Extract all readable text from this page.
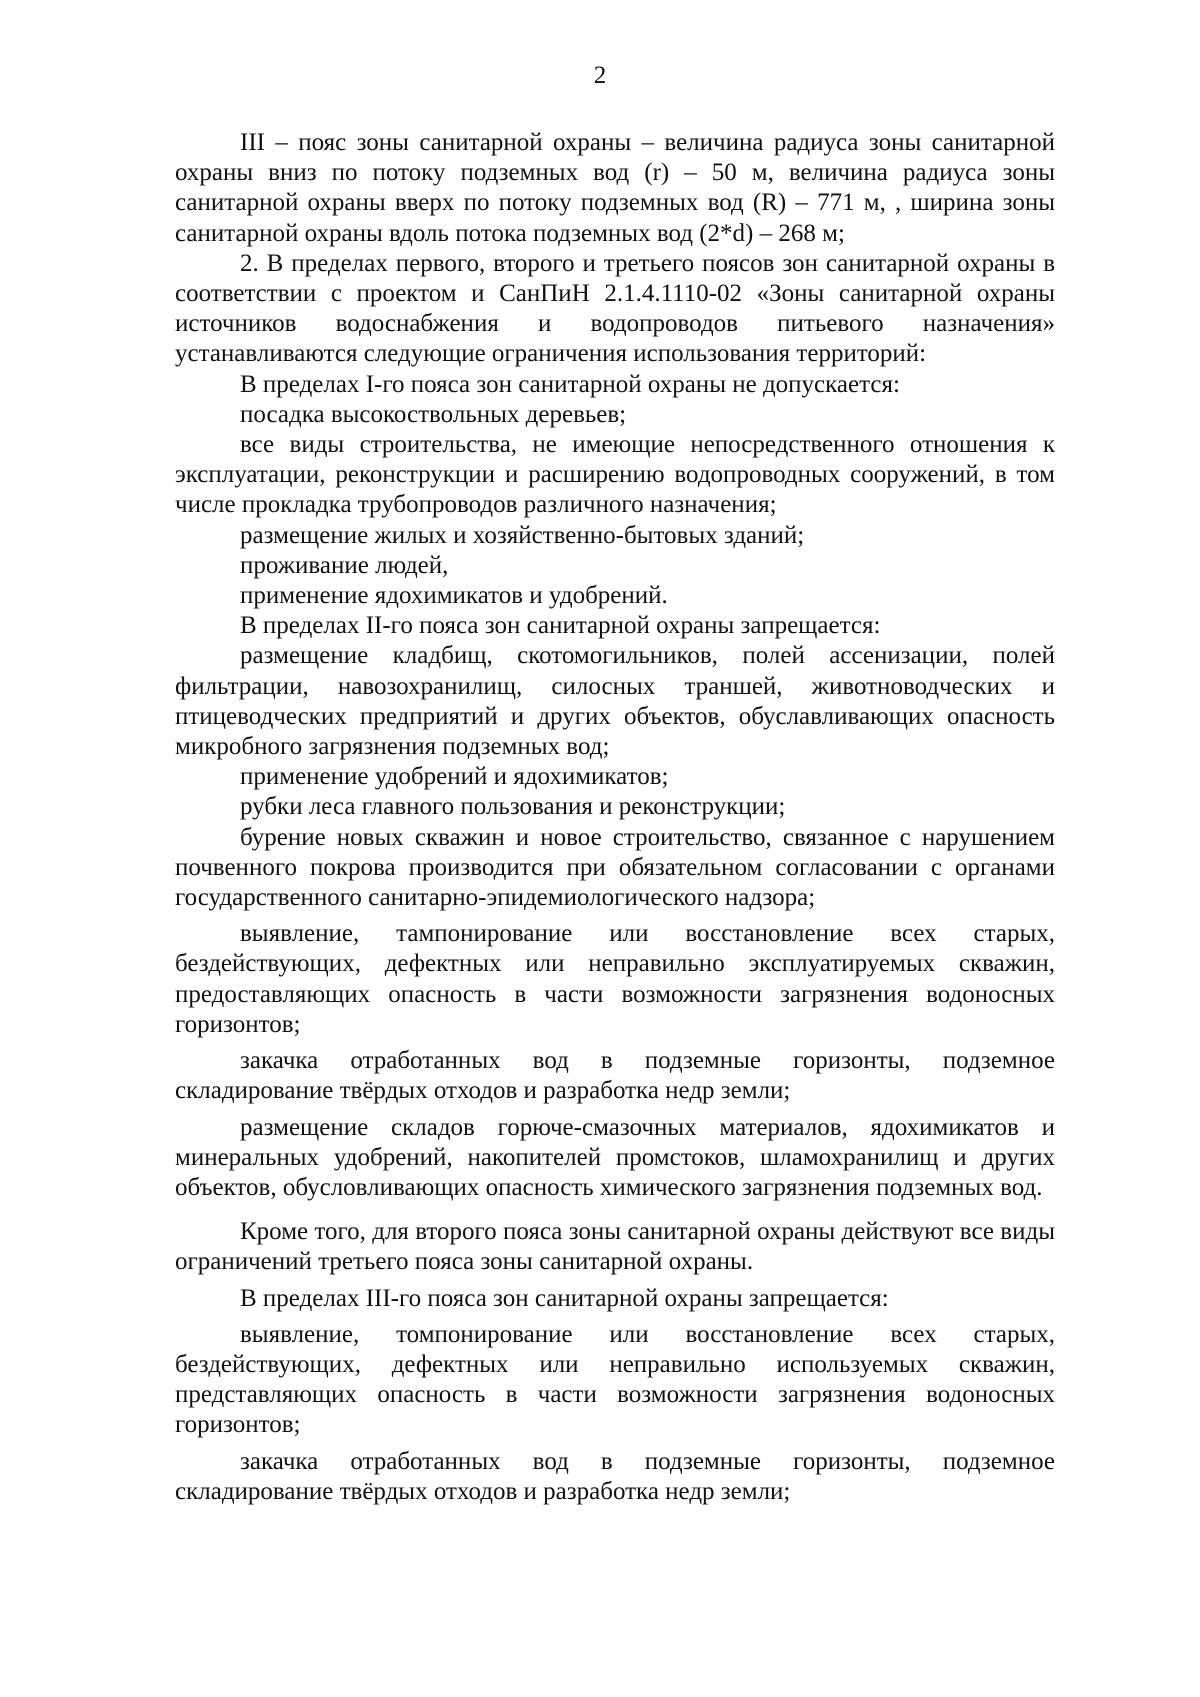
2

III – пояс зоны санитарной охраны – величина радиуса зоны санитарной охраны вниз по потоку подземных вод (r) – 50 м, величина радиуса зоны санитарной охраны вверх по потоку подземных вод (R) – 771 м, , ширина зоны санитарной охраны вдоль потока подземных вод (2*d) – 268 м;

2. В пределах первого, второго и третьего поясов зон санитарной охраны в соответствии с проектом и СанПиН 2.1.4.1110-02 «Зоны санитарной охраны источников водоснабжения и водопроводов питьевого назначения» устанавливаются следующие ограничения использования территорий:

В пределах I-го пояса зон санитарной охраны не допускается:

посадка высокоствольных деревьев;

все виды строительства, не имеющие непосредственного отношения к эксплуатации, реконструкции и расширению водопроводных сооружений, в том числе прокладка трубопроводов различного назначения;

размещение жилых и хозяйственно-бытовых зданий;

проживание людей,

применение ядохимикатов и удобрений.

В пределах II-го пояса зон санитарной охраны запрещается:

размещение кладбищ, скотомогильников, полей ассенизации, полей фильтрации, навозохранилищ, силосных траншей, животноводческих и птицеводческих предприятий и других объектов, обуславливающих опасность микробного загрязнения подземных вод;

применение удобрений и ядохимикатов;

рубки леса главного пользования и реконструкции;

бурение новых скважин и новое строительство, связанное с нарушением почвенного покрова производится при обязательном согласовании с органами государственного санитарно-эпидемиологического надзора;

выявление, тампонирование или восстановление всех старых, бездействующих, дефектных или неправильно эксплуатируемых скважин, предоставляющих опасность в части возможности загрязнения водоносных горизонтов;

закачка отработанных вод в подземные горизонты, подземное складирование твёрдых отходов и разработка недр земли;

размещение складов горюче-смазочных материалов, ядохимикатов и минеральных удобрений, накопителей промстоков, шламохранилищ и других объектов, обусловливающих опасность химического загрязнения подземных вод.

Кроме того, для второго пояса зоны санитарной охраны действуют все виды ограничений третьего пояса зоны санитарной охраны.

В пределах III-го пояса зон санитарной охраны запрещается:

выявление, томпонирование или восстановление всех старых, бездействующих, дефектных или неправильно используемых скважин, представляющих опасность в части возможности загрязнения водоносных горизонтов;

закачка отработанных вод в подземные горизонты, подземное складирование твёрдых отходов и разработка недр земли;
